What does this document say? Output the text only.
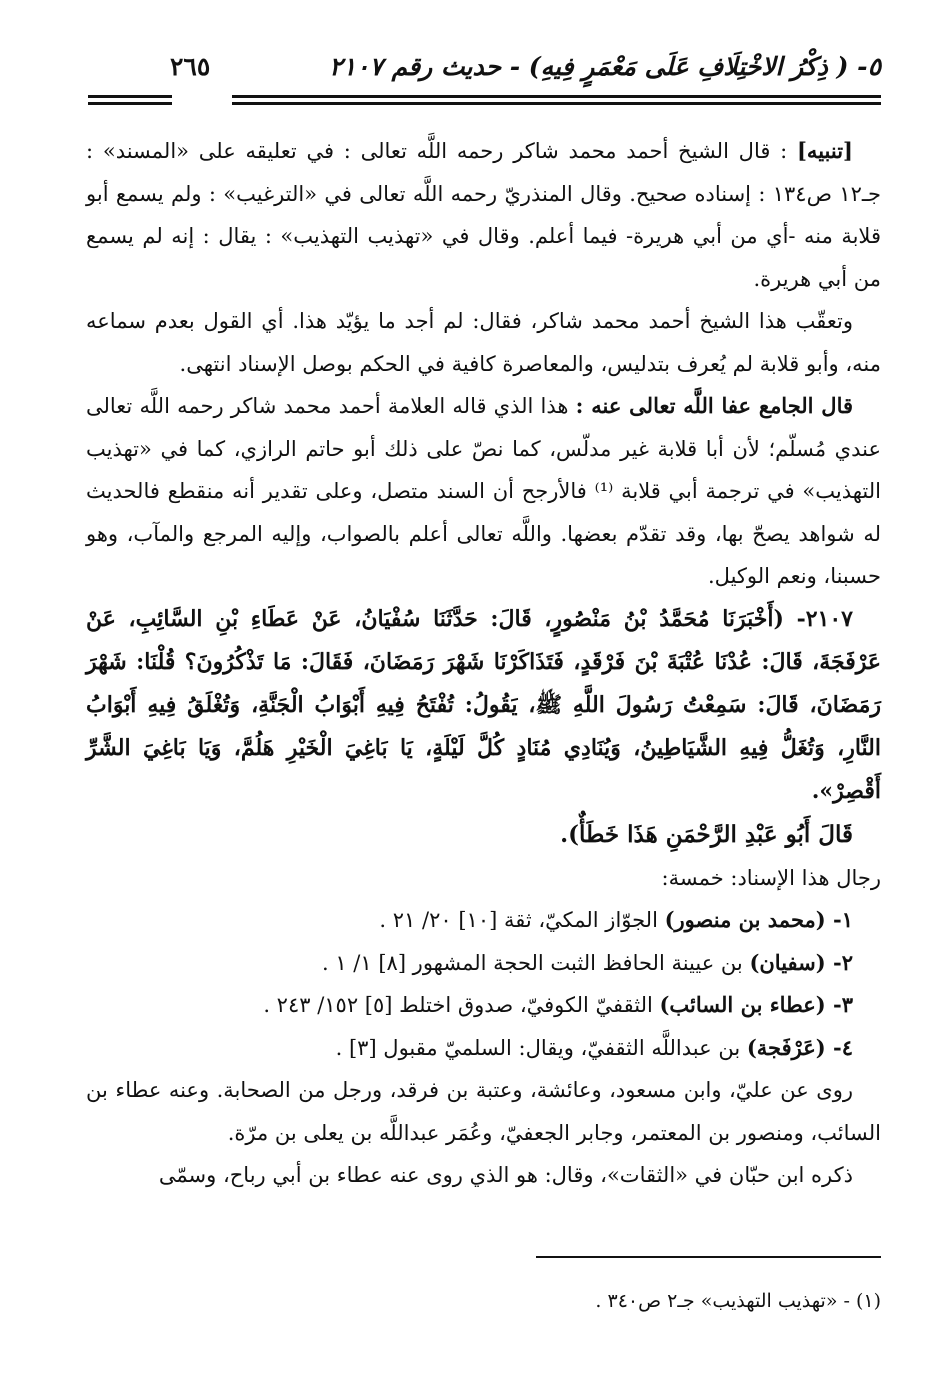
٥- ( ذِكْرُ الاخْتِلَافِ عَلَى مَعْمَرٍ فِيهِ) - حديث رقم ٢١٠٧
٢٦٥

[تنبيه] : قال الشيخ أحمد محمد شاكر رحمه اللَّه تعالى : في تعليقه على «المسند» : جـ١٢ ص١٣٤ : إسناده صحيح. وقال المنذريّ رحمه اللَّه تعالى في «الترغيب» : ولم يسمع أبو قلابة منه -أي من أبي هريرة- فيما أعلم. وقال في «تهذيب التهذيب» : يقال : إنه لم يسمع من أبي هريرة.

وتعقّب هذا الشيخ أحمد محمد شاكر، فقال: لم أجد ما يؤيّد هذا. أي القول بعدم سماعه منه، وأبو قلابة لم يُعرف بتدليس، والمعاصرة كافية في الحكم بوصل الإسناد انتهى.

قال الجامع عفا اللَّه تعالى عنه : هذا الذي قاله العلامة أحمد محمد شاكر رحمه اللَّه تعالى عندي مُسلّم؛ لأن أبا قلابة غير مدلّس، كما نصّ على ذلك أبو حاتم الرازي، كما في «تهذيب التهذيب» في ترجمة أبي قلابة ⁽¹⁾ فالأرجح أن السند متصل، وعلى تقدير أنه منقطع فالحديث له شواهد يصحّ بها، وقد تقدّم بعضها. واللَّه تعالى أعلم بالصواب، وإليه المرجع والمآب، وهو حسبنا، ونعم الوكيل.

٢١٠٧- (أَخْبَرَنَا مُحَمَّدُ بْنُ مَنْصُورٍ، قَالَ: حَدَّثَنَا سُفْيَانُ، عَنْ عَطَاءِ بْنِ السَّائِبِ، عَنْ عَرْفَجَةَ، قَالَ: عُدْنَا عُتْبَةَ بْنَ فَرْقَدٍ، فَتَذَاكَرْنَا شَهْرَ رَمَضَانَ، فَقَالَ: مَا تَذْكُرُونَ؟ قُلْنَا: شَهْرَ رَمَضَانَ، قَالَ: سَمِعْتُ رَسُولَ اللَّهِ ﷺ، يَقُولُ: تُفْتَحُ فِيهِ أَبْوَابُ الْجَنَّةِ، وَتُغْلَقُ فِيهِ أَبْوَابُ النَّارِ، وَتُغَلُّ فِيهِ الشَّيَاطِينُ، وَيُنَادِي مُنَادٍ كُلَّ لَيْلَةٍ، يَا بَاغِيَ الْخَيْرِ هَلُمَّ، وَيَا بَاغِيَ الشَّرِّ أَقْصِرْ».

قَالَ أَبُو عَبْدِ الرَّحْمَنِ هَذَا خَطَأٌ).

رجال هذا الإسناد: خمسة:

١- (محمد بن منصور) الجوّاز المكيّ، ثقة [١٠] ٢٠/ ٢١ .

٢- (سفيان) بن عيينة الحافظ الثبت الحجة المشهور [٨] ١/ ١ .

٣- (عطاء بن السائب) الثقفيّ الكوفيّ، صدوق اختلط [٥] ١٥٢/ ٢٤٣ .

٤- (عَرْفَجة) بن عبداللَّه الثقفيّ، ويقال: السلميّ مقبول [٣] .

روى عن عليّ، وابن مسعود، وعائشة، وعتبة بن فرقد، ورجل من الصحابة. وعنه عطاء بن السائب، ومنصور بن المعتمر، وجابر الجعفيّ، وعُمَر عبداللَّه بن يعلى بن مرّة.

ذكره ابن حبّان في «الثقات»، وقال: هو الذي روى عنه عطاء بن أبي رباح، وسمّى

(١) - «تهذيب التهذيب» جـ٢ ص٣٤٠ .
